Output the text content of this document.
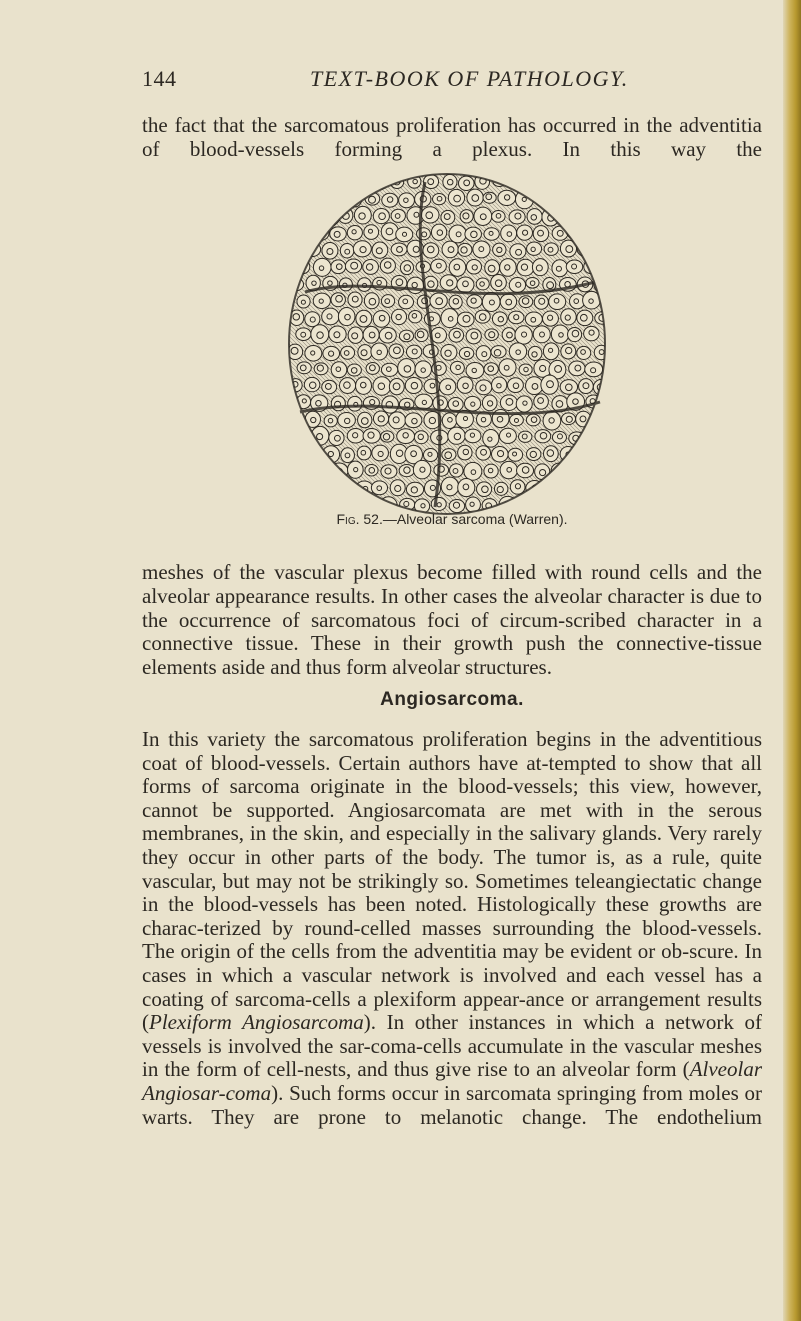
144	TEXT-BOOK OF PATHOLOGY.

the fact that the sarcomatous proliferation has occurred in the adventitia of blood-vessels forming a plexus. In this way the

Fig. 52.—Alveolar sarcoma (Warren).

meshes of the vascular plexus become filled with round cells and the alveolar appearance results. In other cases the alveolar character is due to the occurrence of sarcomatous foci of circum-scribed character in a connective tissue. These in their growth push the connective-tissue elements aside and thus form alveolar structures.

Angiosarcoma.

In this variety the sarcomatous proliferation begins in the adventitious coat of blood-vessels. Certain authors have at-tempted to show that all forms of sarcoma originate in the blood-vessels; this view, however, cannot be supported. Angiosarcomata are met with in the serous membranes, in the skin, and especially in the salivary glands. Very rarely they occur in other parts of the body. The tumor is, as a rule, quite vascular, but may not be strikingly so. Sometimes teleangiectatic change in the blood-vessels has been noted. Histologically these growths are charac-terized by round-celled masses surrounding the blood-vessels. The origin of the cells from the adventitia may be evident or ob-scure. In cases in which a vascular network is involved and each vessel has a coating of sarcoma-cells a plexiform appear-ance or arrangement results (Plexiform Angiosarcoma). In other instances in which a network of vessels is involved the sar-coma-cells accumulate in the vascular meshes in the form of cell-nests, and thus give rise to an alveolar form (Alveolar Angiosar-coma). Such forms occur in sarcomata springing from moles or warts. They are prone to melanotic change. The endothelium
